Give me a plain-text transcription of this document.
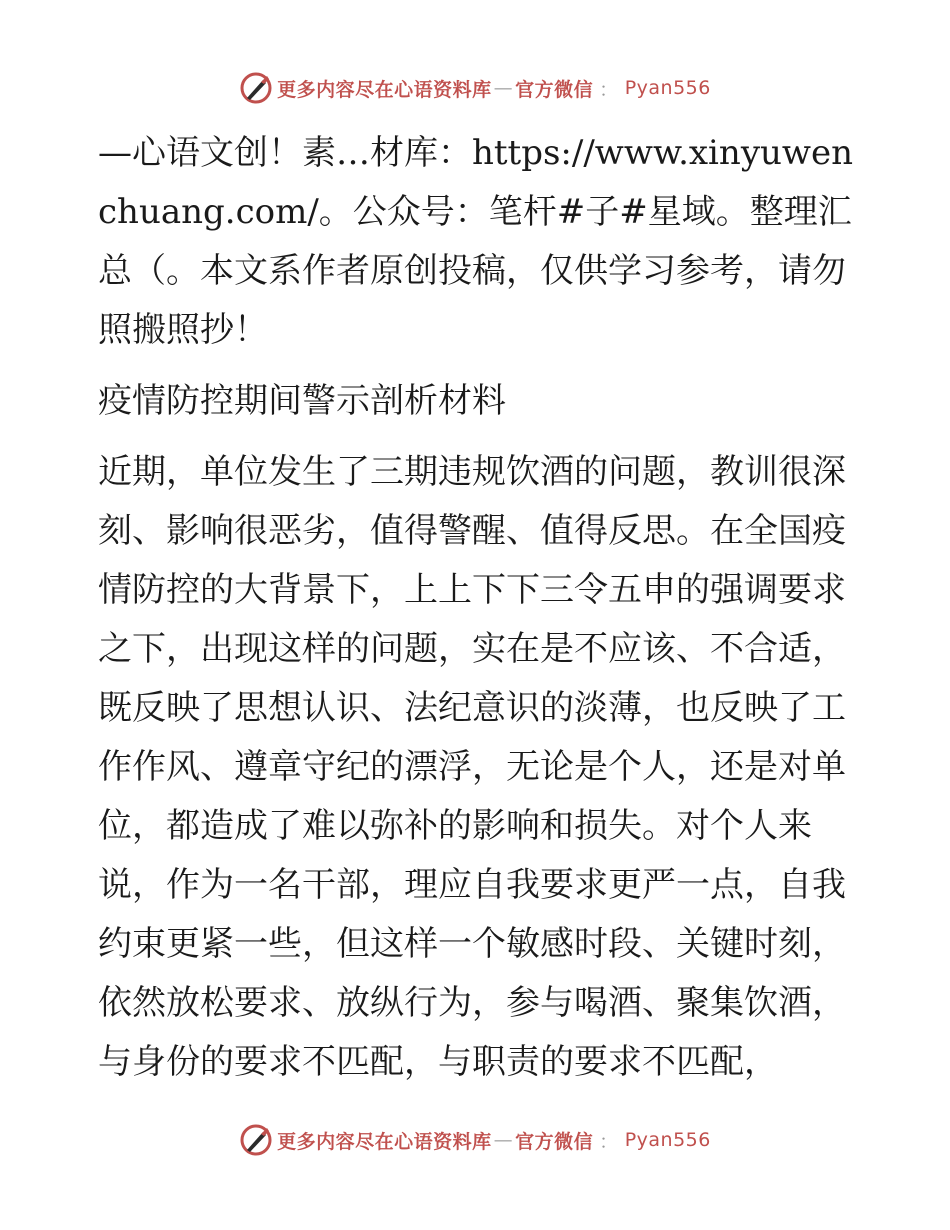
更多内容尽在心语资料库 — 官方微信 ： Pyan556

—心语文创！素…材库：https://www.xinyuwenchuang.com/。公众号：笔杆#子#星域。整理汇总（。本文系作者原创投稿，仅供学习参考，请勿照搬照抄！

疫情防控期间警示剖析材料

近期，单位发生了三期违规饮酒的问题，教训很深刻、影响很恶劣，值得警醒、值得反思。在全国疫情防控的大背景下，上上下下三令五申的强调要求之下，出现这样的问题，实在是不应该、不合适，既反映了思想认识、法纪意识的淡薄，也反映了工作作风、遵章守纪的漂浮，无论是个人，还是对单位，都造成了难以弥补的影响和损失。对个人来说，作为一名干部，理应自我要求更严一点，自我约束更紧一些，但这样一个敏感时段、关键时刻，依然放松要求、放纵行为，参与喝酒、聚集饮酒，与身份的要求不匹配，与职责的要求不匹配，

更多内容尽在心语资料库 — 官方微信 ： Pyan556
